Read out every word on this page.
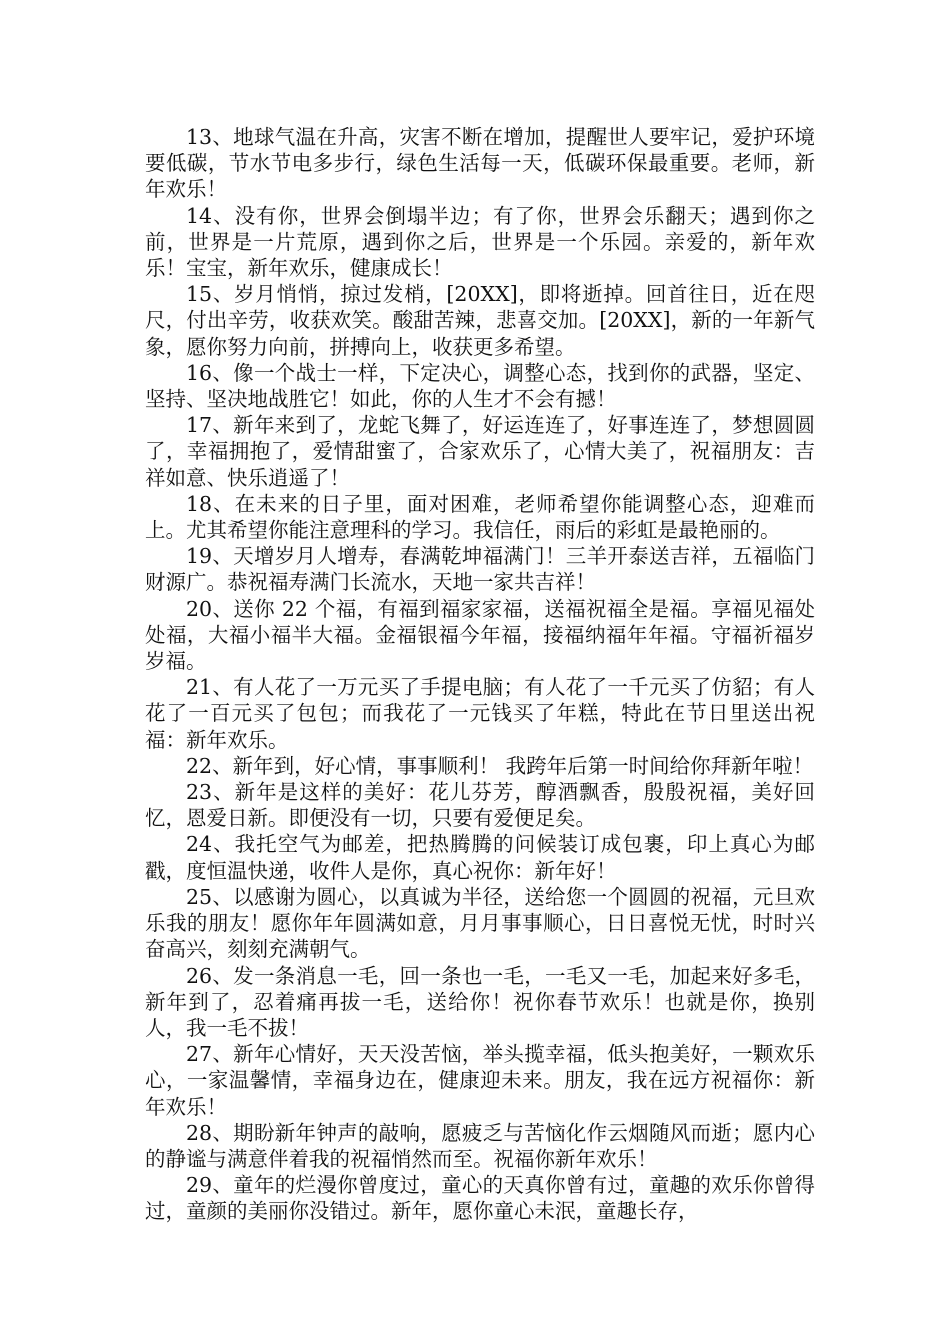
13、地球气温在升高，灾害不断在增加，提醒世人要牢记，爱护环境要低碳，节水节电多步行，绿色生活每一天，低碳环保最重要。老师，新年欢乐！

14、没有你，世界会倒塌半边；有了你，世界会乐翻天；遇到你之前，世界是一片荒原，遇到你之后，世界是一个乐园。亲爱的，新年欢乐！宝宝，新年欢乐，健康成长！

15、岁月悄悄，掠过发梢，[20XX]，即将逝掉。回首往日，近在咫尺，付出辛劳，收获欢笑。酸甜苦辣，悲喜交加。[20XX]，新的一年新气象，愿你努力向前，拼搏向上，收获更多希望。

16、像一个战士一样，下定决心，调整心态，找到你的武器，坚定、坚持、坚决地战胜它！如此，你的人生才不会有撼！

17、新年来到了，龙蛇飞舞了，好运连连了，好事连连了，梦想圆圆了，幸福拥抱了，爱情甜蜜了，合家欢乐了，心情大美了，祝福朋友：吉祥如意、快乐逍遥了！

18、在未来的日子里，面对困难，老师希望你能调整心态，迎难而上。尤其希望你能注意理科的学习。我信任，雨后的彩虹是最艳丽的。

19、天增岁月人增寿，春满乾坤福满门！三羊开泰送吉祥，五福临门财源广。恭祝福寿满门长流水，天地一家共吉祥！

20、送你 22 个福，有福到福家家福，送福祝福全是福。享福见福处处福，大福小福半大福。金福银福今年福，接福纳福年年福。守福祈福岁岁福。

21、有人花了一万元买了手提电脑；有人花了一千元买了仿貂；有人花了一百元买了包包；而我花了一元钱买了年糕，特此在节日里送出祝福：新年欢乐。

22、新年到，好心情，事事顺利！ 我跨年后第一时间给你拜新年啦！

23、新年是这样的美好：花儿芬芳，醇酒飘香，殷殷祝福，美好回忆，恩爱日新。即便没有一切，只要有爱便足矣。

24、我托空气为邮差，把热腾腾的问候装订成包裹，印上真心为邮戳，度恒温快递，收件人是你，真心祝你：新年好！

25、以感谢为圆心，以真诚为半径，送给您一个圆圆的祝福，元旦欢乐我的朋友！愿你年年圆满如意，月月事事顺心，日日喜悦无忧，时时兴奋高兴，刻刻充满朝气。

26、发一条消息一毛，回一条也一毛，一毛又一毛，加起来好多毛，新年到了，忍着痛再拔一毛，送给你！祝你春节欢乐！也就是你，换别人，我一毛不拔！

27、新年心情好，天天没苦恼，举头揽幸福，低头抱美好，一颗欢乐心，一家温馨情，幸福身边在，健康迎未来。朋友，我在远方祝福你：新年欢乐！

28、期盼新年钟声的敲响，愿疲乏与苦恼化作云烟随风而逝；愿内心的静谧与满意伴着我的祝福悄然而至。祝福你新年欢乐！

29、童年的烂漫你曾度过，童心的天真你曾有过，童趣的欢乐你曾得过，童颜的美丽你没错过。新年，愿你童心未泯，童趣长存，
